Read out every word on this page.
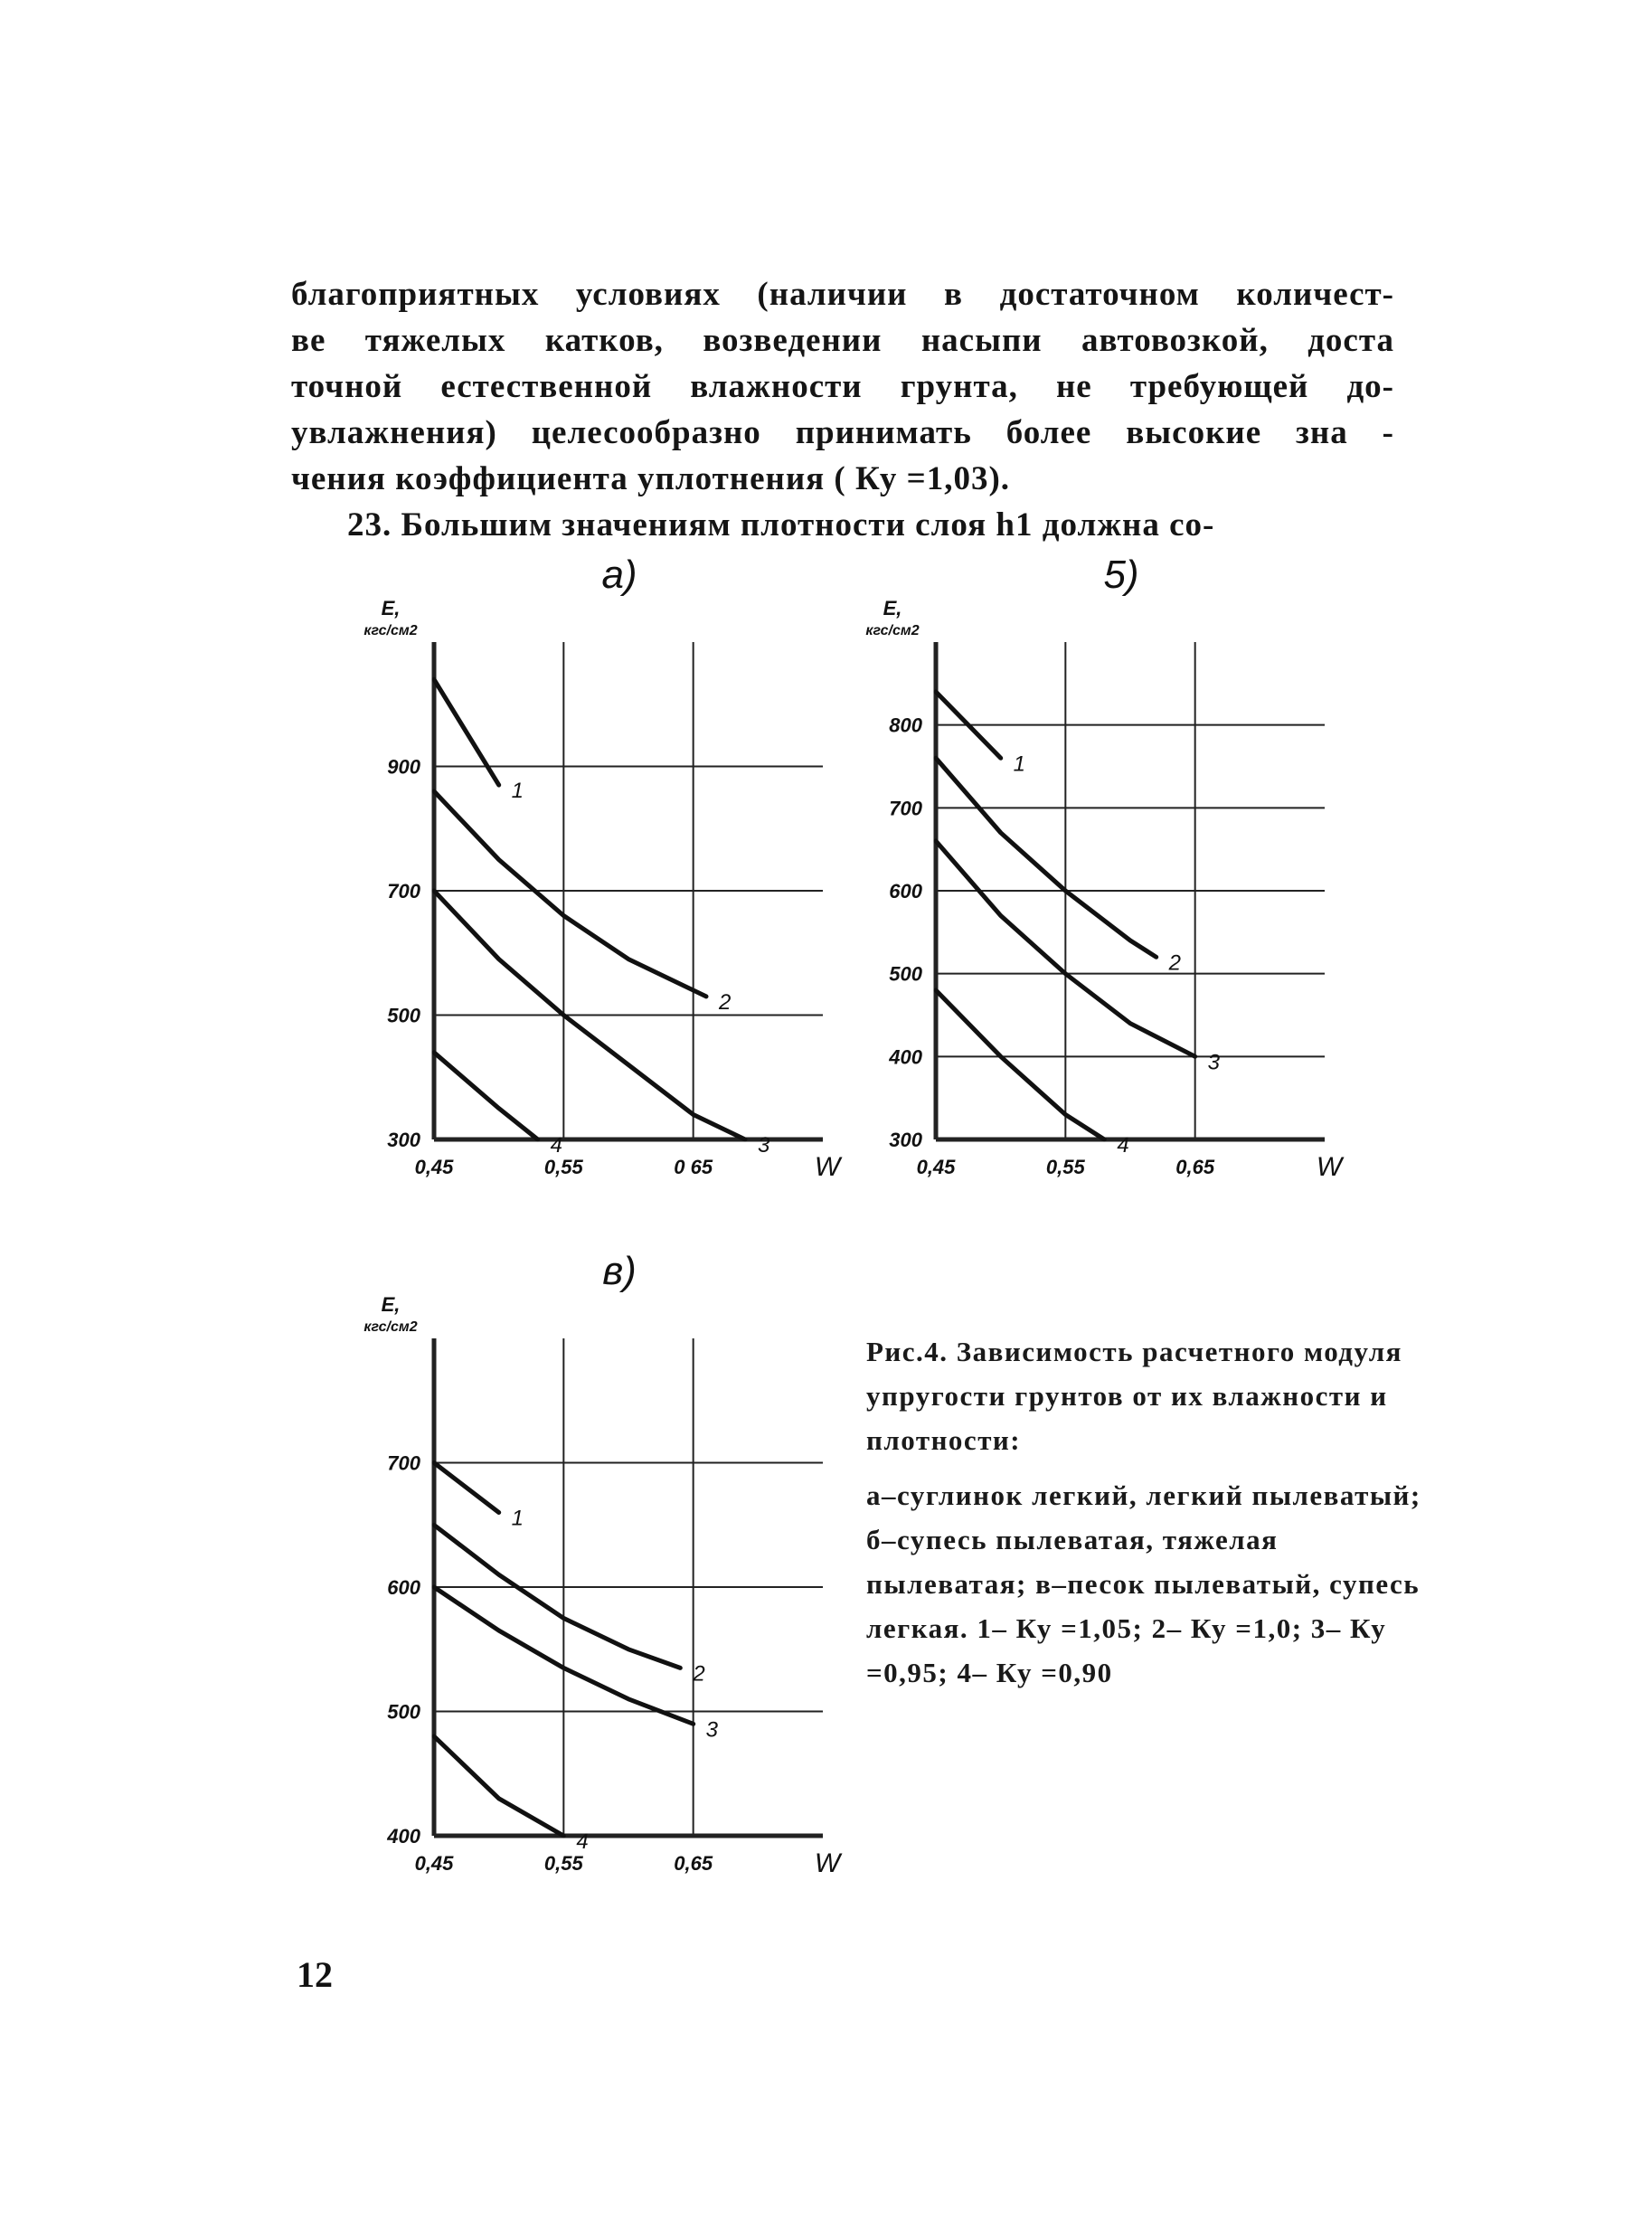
благоприятных условиях (наличии в достаточном количест-

ве тяжелых катков, возведении насыпи автовозкой, доста

точной естественной влажности грунта, не требующей до-

увлажнения) целесообразно принимать более высокие зна -

чения коэффициента уплотнения ( Ку =1,03).

23. Большим значениям плотности слоя h1 должна со-

а)
E,
кгс/см2
900
700
500
300
0,45	0,55	0 65	W
1
2
3
4
5)
E,
кгс/см2
800
700
600
500
400
300
0,45	0,55	0,65	W
1
2
3
4
в)
E,
кгс/см2
700
600
500
400
0,45	0,55	0,65	W
1
2
3
4

Рис.4. Зависимость расчетного модуля упругости грунтов от их влажности и плотности:

а–суглинок легкий, легкий пылеватый; б–супесь пылеватая, тяжелая пылеватая; в–песок пылеватый, супесь легкая. 1– Ку =1,05; 2– Ку =1,0; 3– Ку =0,95; 4– Ку =0,90

12
